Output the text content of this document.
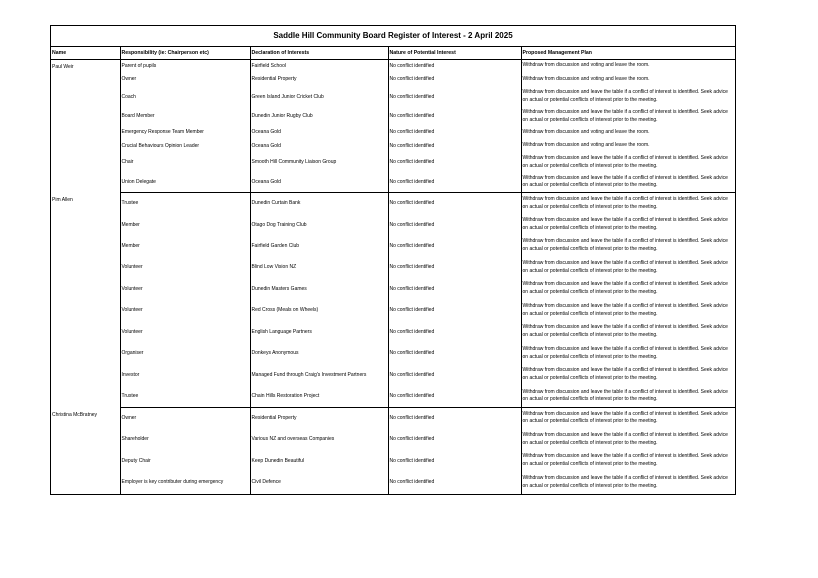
Saddle Hill Community Board Register of Interest - 2 April 2025
Name	Responsibility (ie: Chairperson etc)	Declaration of Interests	Nature of Potential Interest	Proposed Management Plan
Paul Weir	Parent of pupils	Fairfield School	No conflict identified	Withdraw from discussion and voting and leave the room.
	Owner	Residential Property	No conflict identified	Withdraw from discussion and voting and leave the room.
	Coach	Green Island Junior Cricket Club	No conflict identified	Withdraw from discussion and leave the table if a conflict of interest is identified. Seek advice on actual or potential conflicts of interest prior to the meeting.
	Board Member	Dunedin Junior Rugby Club	No conflict identified	Withdraw from discussion and leave the table if a conflict of interest is identified. Seek advice on actual or potential conflicts of interest prior to the meeting.
	Emergency Response Team Member	Oceana Gold	No conflict identified	Withdraw from discussion and voting and leave the room.
	Crucial Behaviours Opinion Leader	Oceana Gold	No conflict identified	Withdraw from discussion and voting and leave the room.
	Chair	Smooth Hill Community Liaison Group	No conflict identified	Withdraw from discussion and leave the table if a conflict of interest is identified. Seek advice on actual or potential conflicts of interest prior to the meeting.
	Union Delegate	Oceana Gold	No conflict identified	Withdraw from discussion and leave the table if a conflict of interest is identified. Seek advice on actual or potential conflicts of interest prior to the meeting.
Pim Allen	Trustee	Dunedin Curtain Bank	No conflict identified	Withdraw from discussion and leave the table if a conflict of interest is identified. Seek advice on actual or potential conflicts of interest prior to the meeting.
	Member	Otago Dog Training Club	No conflict identified	Withdraw from discussion and leave the table if a conflict of interest is identified. Seek advice on actual or potential conflicts of interest prior to the meeting.
	Member	Fairfield Garden Club	No conflict identified	Withdraw from discussion and leave the table if a conflict of interest is identified. Seek advice on actual or potential conflicts of interest prior to the meeting.
	Volunteer	Blind Low Vision NZ	No conflict identified	Withdraw from discussion and leave the table if a conflict of interest is identified. Seek advice on actual or potential conflicts of interest prior to the meeting.
	Volunteer	Dunedin Masters Games	No conflict identified	Withdraw from discussion and leave the table if a conflict of interest is identified. Seek advice on actual or potential conflicts of interest prior to the meeting.
	Volunteer	Red Cross (Meals on Wheels)	No conflict identified	Withdraw from discussion and leave the table if a conflict of interest is identified. Seek advice on actual or potential conflicts of interest prior to the meeting.
	Volunteer	English Language Partners	No conflict identified	Withdraw from discussion and leave the table if a conflict of interest is identified. Seek advice on actual or potential conflicts of interest prior to the meeting.
	Organiser	Donkeys Anonymous	No conflict identified	Withdraw from discussion and leave the table if a conflict of interest is identified. Seek advice on actual or potential conflicts of interest prior to the meeting.
	Investor	Managed Fund through Craig's Investment Partners	No conflict identified	Withdraw from discussion and leave the table if a conflict of interest is identified. Seek advice on actual or potential conflicts of interest prior to the meeting.
	Trustee	Chain Hills Restoration Project	No conflict identified	Withdraw from discussion and leave the table if a conflict of interest is identified. Seek advice on actual or potential conflicts of interest prior to the meeting.
Christina McBratney	Owner	Residential Property	No conflict identified	Withdraw from discussion and leave the table if a conflict of interest is identified. Seek advice on actual or potential conflicts of interest prior to the meeting.
	Shareholder	Various NZ and overseas Companies	No conflict identified	Withdraw from discussion and leave the table if a conflict of interest is identified. Seek advice on actual or potential conflicts of interest prior to the meeting.
	Deputy Chair	Keep Dunedin Beautiful	No conflict identified	Withdraw from discussion and leave the table if a conflict of interest is identified. Seek advice on actual or potential conflicts of interest prior to the meeting.
	Employer is key contributer during emergency	Civil Defence	No conflict identified	Withdraw from discussion and leave the table if a conflict of interest is identified. Seek advice on actual or potential conflicts of interest prior to the meeting.
